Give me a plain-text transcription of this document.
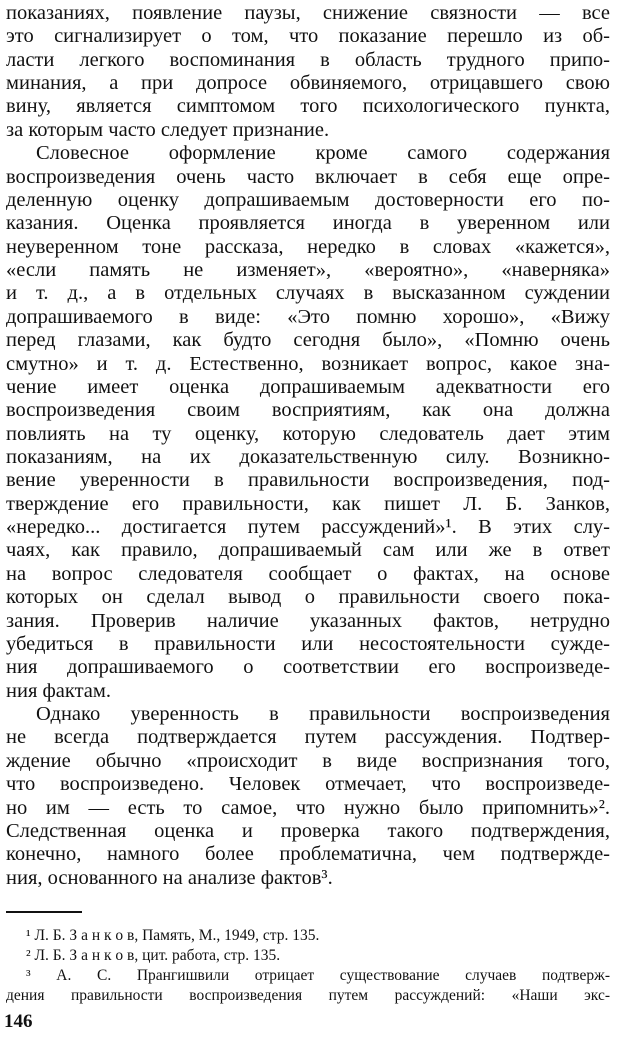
показаниях, появление паузы, снижение связности — все
это сигнализирует о том, что показание перешло из об-
ласти легкого воспоминания в область трудного припо-
минания, а при допросе обвиняемого, отрицавшего свою
вину, является симптомом того психологического пункта,
за которым часто следует признание.
Словесное оформление кроме самого содержания
воспроизведения очень часто включает в себя еще опре-
деленную оценку допрашиваемым достоверности его по-
казания. Оценка проявляется иногда в уверенном или
неуверенном тоне рассказа, нередко в словах «кажется»,
«если память не изменяет», «вероятно», «наверняка»
и т. д., а в отдельных случаях в высказанном суждении
допрашиваемого в виде: «Это помню хорошо», «Вижу
перед глазами, как будто сегодня было», «Помню очень
смутно» и т. д. Естественно, возникает вопрос, какое зна-
чение имеет оценка допрашиваемым адекватности его
воспроизведения своим восприятиям, как она должна
повлиять на ту оценку, которую следователь дает этим
показаниям, на их доказательственную силу. Возникно-
вение уверенности в правильности воспроизведения, под-
тверждение его правильности, как пишет Л. Б. Занков,
«нередко... достигается путем рассуждений»¹. В этих слу-
чаях, как правило, допрашиваемый сам или же в ответ
на вопрос следователя сообщает о фактах, на основе
которых он сделал вывод о правильности своего пока-
зания. Проверив наличие указанных фактов, нетрудно
убедиться в правильности или несостоятельности сужде-
ния допрашиваемого о соответствии его воспроизведе-
ния фактам.
Однако уверенность в правильности воспроизведения
не всегда подтверждается путем рассуждения. Подтвер-
ждение обычно «происходит в виде воспризнания того,
что воспроизведено. Человек отмечает, что воспроизведе-
но им — есть то самое, что нужно было припомнить»².
Следственная оценка и проверка такого подтверждения,
конечно, намного более проблематична, чем подтвержде-
ния, основанного на анализе фактов³.
¹ Л. Б. З а н к о в, Память, М., 1949, стр. 135.
² Л. Б. З а н к о в, цит. работа, стр. 135.
³ А. С. Прангишвили отрицает существование случаев подтверж-
дения правильности воспроизведения путем рассуждений: «Наши экс-
146
